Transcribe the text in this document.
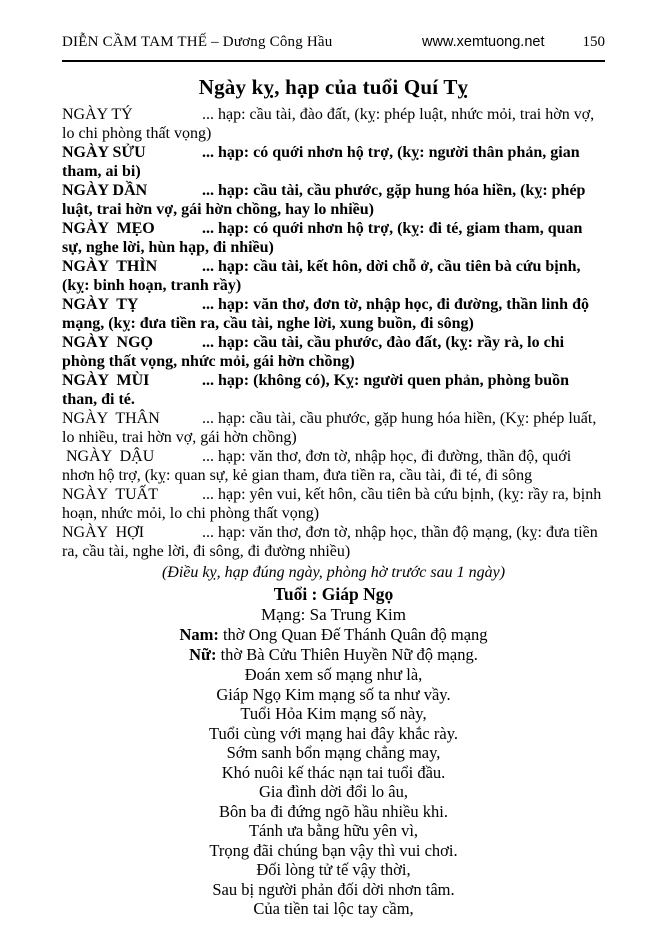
DIỄN CẦM TAM THẾ – Dương Công Hầu	www.xemtuong.net	150
Ngày kỵ, hạp của tuổi Quí Tỵ

NGÀY TÝ	... hạp: cầu tài, đào đất, (kỵ: phép luật, nhức mỏi, trai hờn vợ, lo chi phòng thất vọng)

NGÀY SỬU	... hạp: có quới nhơn hộ trợ, (kỵ: người thân phản, gian tham, ai bi)

NGÀY DẦN	... hạp: cầu tài, cầu phước, gặp hung hóa hiền, (kỵ: phép luật, trai hờn vợ, gái hờn chồng, hay lo nhiều)

NGÀY  MẸO	... hạp: có quới nhơn hộ trợ, (kỵ: đi té, giam tham, quan sự, nghe lời, hùn hạp, đi nhiều)

NGÀY  THÌN	... hạp: cầu tài, kết hôn, dời chỗ ở, cầu tiên bà cứu bịnh, (kỵ: binh hoạn, tranh rầy)

NGÀY  TỴ	... hạp: văn thơ, đơn tờ, nhập học, đi đường, thần linh độ mạng, (kỵ: đưa tiền ra, cầu tài, nghe lời, xung buồn, đi sông)

NGÀY  NGỌ	... hạp: cầu tài, cầu phước, đào đất, (kỵ: rầy rà, lo chi phòng thất vọng, nhức mỏi, gái hờn chồng)

NGÀY  MÙI	... hạp: (không có), Kỵ: người quen phản, phòng buồn than, đi té.

NGÀY  THÂN	... hạp: cầu tài, cầu phước, gặp hung hóa hiền, (Kỵ: phép luất, lo nhiều, trai hờn vợ, gái hờn chồng)

NGÀY  DẬU	... hạp: văn thơ, đơn tờ, nhập học, đi đường, thần độ, quới nhơn hộ trợ, (kỵ: quan sự, kẻ gian tham, đưa tiền ra, cầu tài, đi té, đi sông

NGÀY  TUẤT	... hạp: yên vui, kết hôn, cầu tiên bà cứu bịnh, (kỵ: rầy ra, bịnh hoạn, nhức mỏi, lo chi phòng thất vọng)

NGÀY  HỢI	... hạp: văn thơ, đơn tờ, nhập học, thần độ mạng, (kỵ: đưa tiền ra, cầu tài, nghe lời, đi sông, đi đường nhiều)

(Điều kỵ, hạp đúng ngày, phòng hờ trước sau 1 ngày)
Tuổi : Giáp Ngọ
Mạng: Sa Trung Kim
Nam: thờ Ong Quan Đế Thánh Quân độ mạng
Nữ: thờ Bà Cửu Thiên Huyền Nữ độ mạng.
Đoán xem số mạng như là,
Giáp Ngọ Kim mạng số ta như vầy.
Tuổi Hỏa Kim mạng số này,
Tuổi cùng với mạng hai đây khắc rày.
Sớm sanh bổn mạng chẳng may,
Khó nuôi kế thác nạn tai tuổi đầu.
Gia đình dời đổi lo âu,
Bôn ba đi đứng ngõ hầu nhiều khi.
Tánh ưa bằng hữu yên vì,
Trọng đãi chúng bạn vậy thì vui chơi.
Đối lòng tử tế vậy thời,
Sau bị người phản đối dời nhơn tâm.
Của tiền tai lộc tay cầm,
